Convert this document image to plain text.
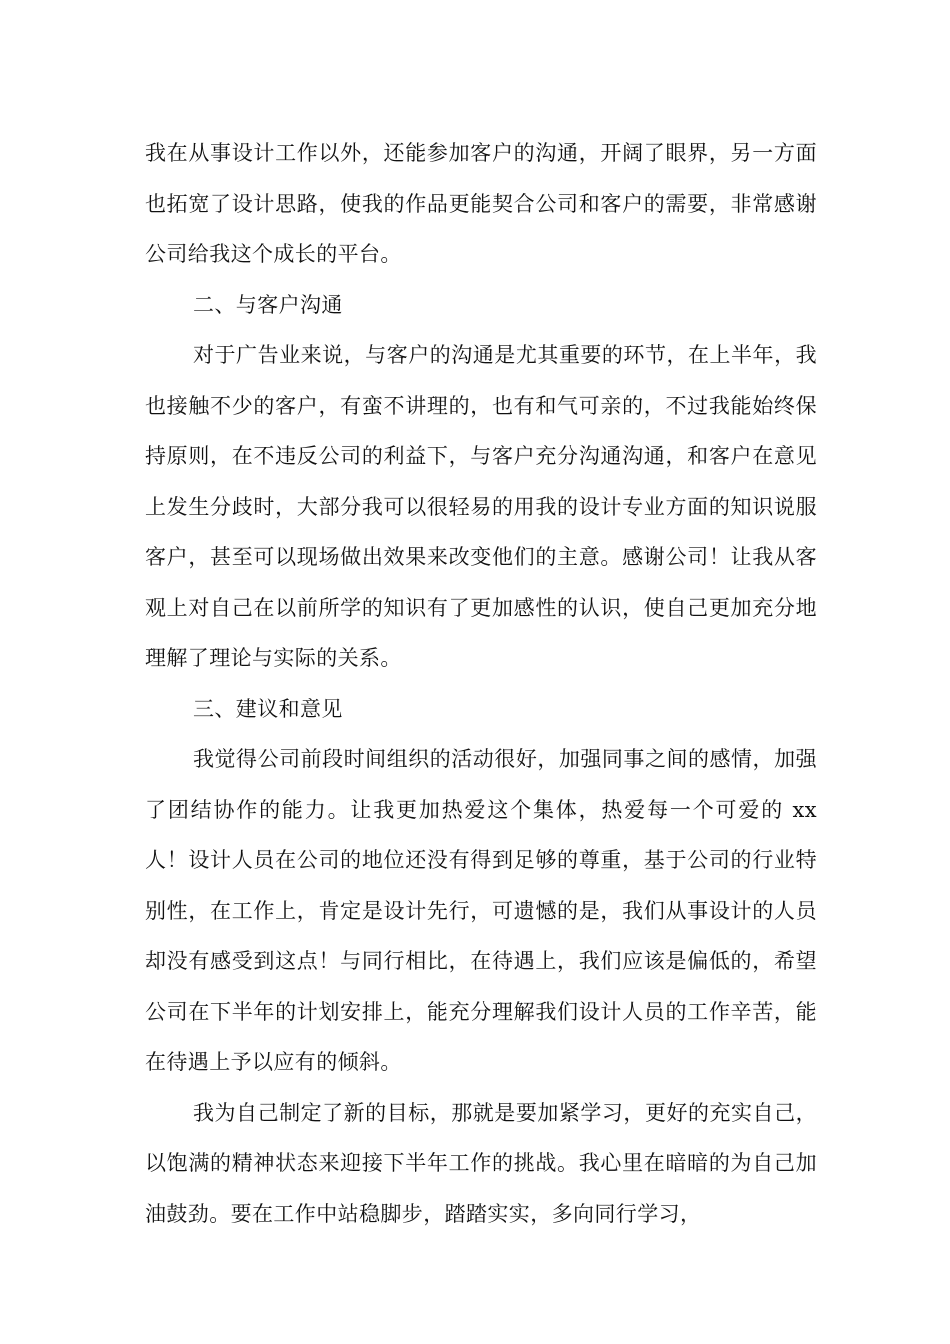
我在从事设计工作以外，还能参加客户的沟通，开阔了眼界，另一方面也拓宽了设计思路，使我的作品更能契合公司和客户的需要，非常感谢公司给我这个成长的平台。

二、与客户沟通

对于广告业来说，与客户的沟通是尤其重要的环节，在上半年，我也接触不少的客户，有蛮不讲理的，也有和气可亲的，不过我能始终保持原则，在不违反公司的利益下，与客户充分沟通沟通，和客户在意见上发生分歧时，大部分我可以很轻易的用我的设计专业方面的知识说服客户，甚至可以现场做出效果来改变他们的主意。感谢公司！让我从客观上对自己在以前所学的知识有了更加感性的认识，使自己更加充分地理解了理论与实际的关系。

三、建议和意见

我觉得公司前段时间组织的活动很好，加强同事之间的感情，加强了团结协作的能力。让我更加热爱这个集体，热爱每一个可爱的 xx 人！设计人员在公司的地位还没有得到足够的尊重，基于公司的行业特别性，在工作上，肯定是设计先行，可遗憾的是，我们从事设计的人员却没有感受到这点！与同行相比，在待遇上，我们应该是偏低的，希望公司在下半年的计划安排上，能充分理解我们设计人员的工作辛苦，能在待遇上予以应有的倾斜。

我为自己制定了新的目标，那就是要加紧学习，更好的充实自己，以饱满的精神状态来迎接下半年工作的挑战。我心里在暗暗的为自己加油鼓劲。要在工作中站稳脚步，踏踏实实，多向同行学习，
